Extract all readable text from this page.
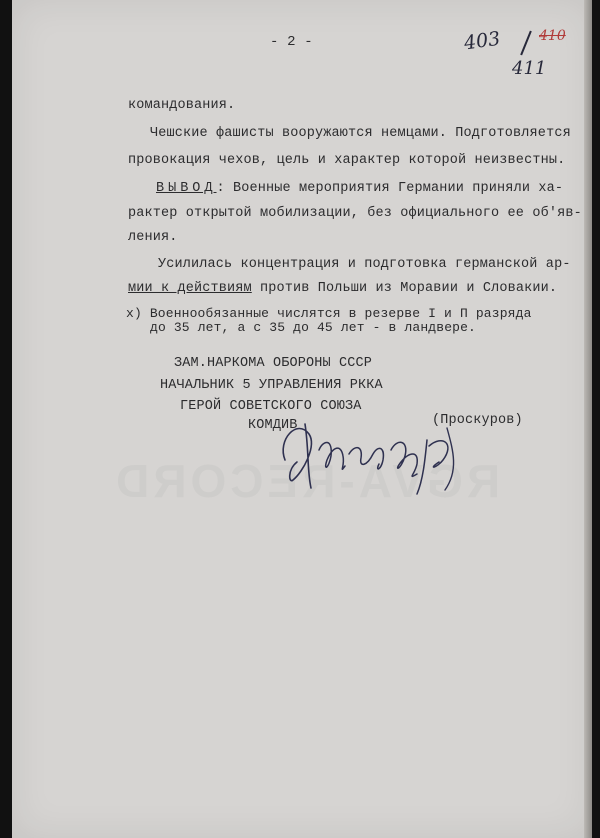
RGVA-RECORD
- 2 -	403	410
411
командования.
Чешские фашисты вооружаются немцами. Подготовляется
провокация чехов, цель и характер которой неизвестны.
ВЫВОД: Военные мероприятия Германии приняли ха-
рактер открытой мобилизации, без официального ее об'яв-
ления.
Усилилась концентрация и подготовка германской ар-
мии к действиям против Польши из Моравии и Словакии.
х) Военнообязанные числятся в резерве I и П разряда
до 35 лет, а с 35 до 45 лет - в ландвере.
ЗАМ.НАРКОМА ОБОРОНЫ СССР
НАЧАЛЬНИК 5 УПРАВЛЕНИЯ РККА
ГЕРОЙ СОВЕТСКОГО СОЮЗА
КОМДИВ	(Проскуров)
